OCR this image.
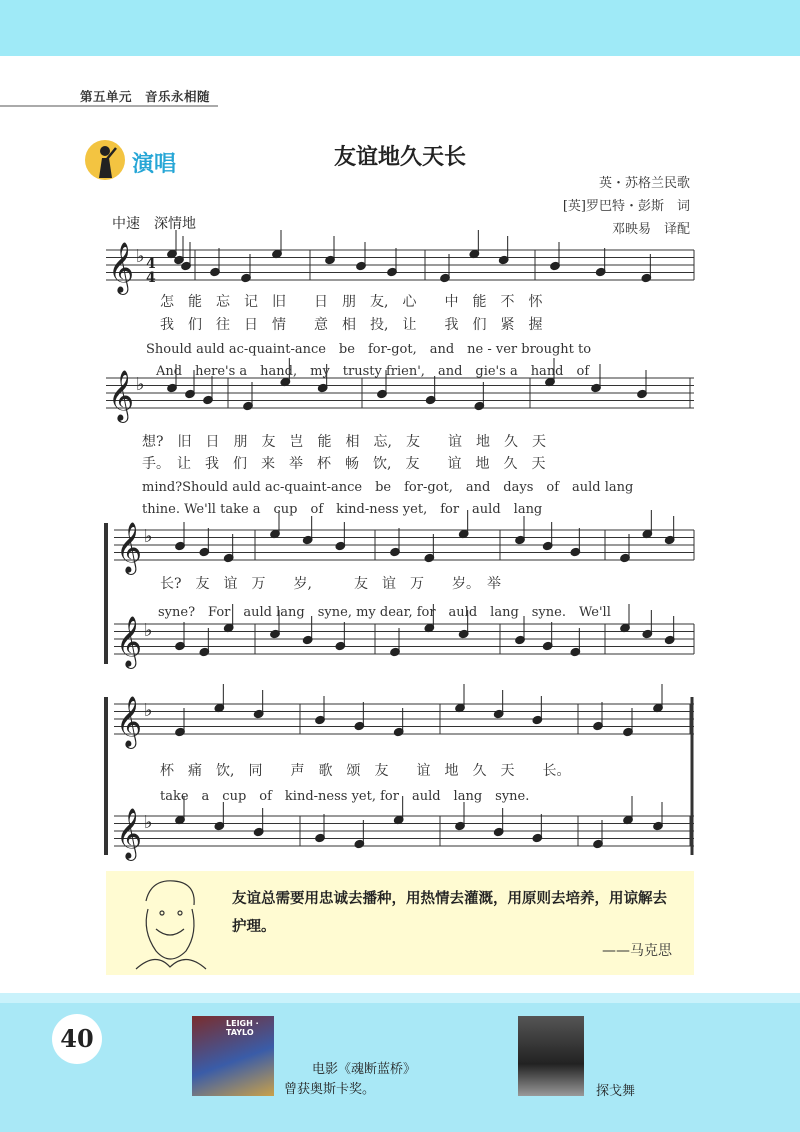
第五单元　音乐永相随
演唱	友谊地久天长
英・苏格兰民歌
[英]罗巴特・彭斯　词
邓映易　译配
中速　深情地
𝄞 ♭
𝄞 ♭
𝄞 ♭
𝄞 ♭
𝄞 ♭
𝄞 ♭
4
4
怎　能　忘　记　旧　　日　朋　友,　心　　中　能　不　怀
我　们　往　日　情　　意　相　投,　让　　我　们　紧　握
Should auld ac-quaint-ance　be　for-got,　and　ne - ver brought to
And　here's a　hand,　my　trusty frien',　and　gie's a　hand　of
想?　旧　日　朋　友　岂　能　相　忘,　友　　谊　地　久　天
手。　让　我　们　来　举　杯　畅　饮,　友　　谊　地　久　天
mind?Should auld ac-quaint-ance　be　for-got,　and　days　of　auld lang
thine. We'll take a　cup　of　kind-ness yet,　for　auld　lang
长?　友　谊　万　　岁,　　　友　谊　万　　岁。　举
syne?　For　auld lang　syne, my dear, for　auld　lang　syne.　We'll
杯　痛　饮,　同　　声　歌　颂　友　　谊　地　久　天　　长。
take　a　cup　of　kind-ness yet, for　auld　lang　syne.
友谊总需要用忠诚去播种，用热情去灌溉，用原则去培养，用谅解去护理。
——马克思
40
LEIGH · TAYLO
电影《魂断蓝桥》
曾获奥斯卡奖。	探戈舞
